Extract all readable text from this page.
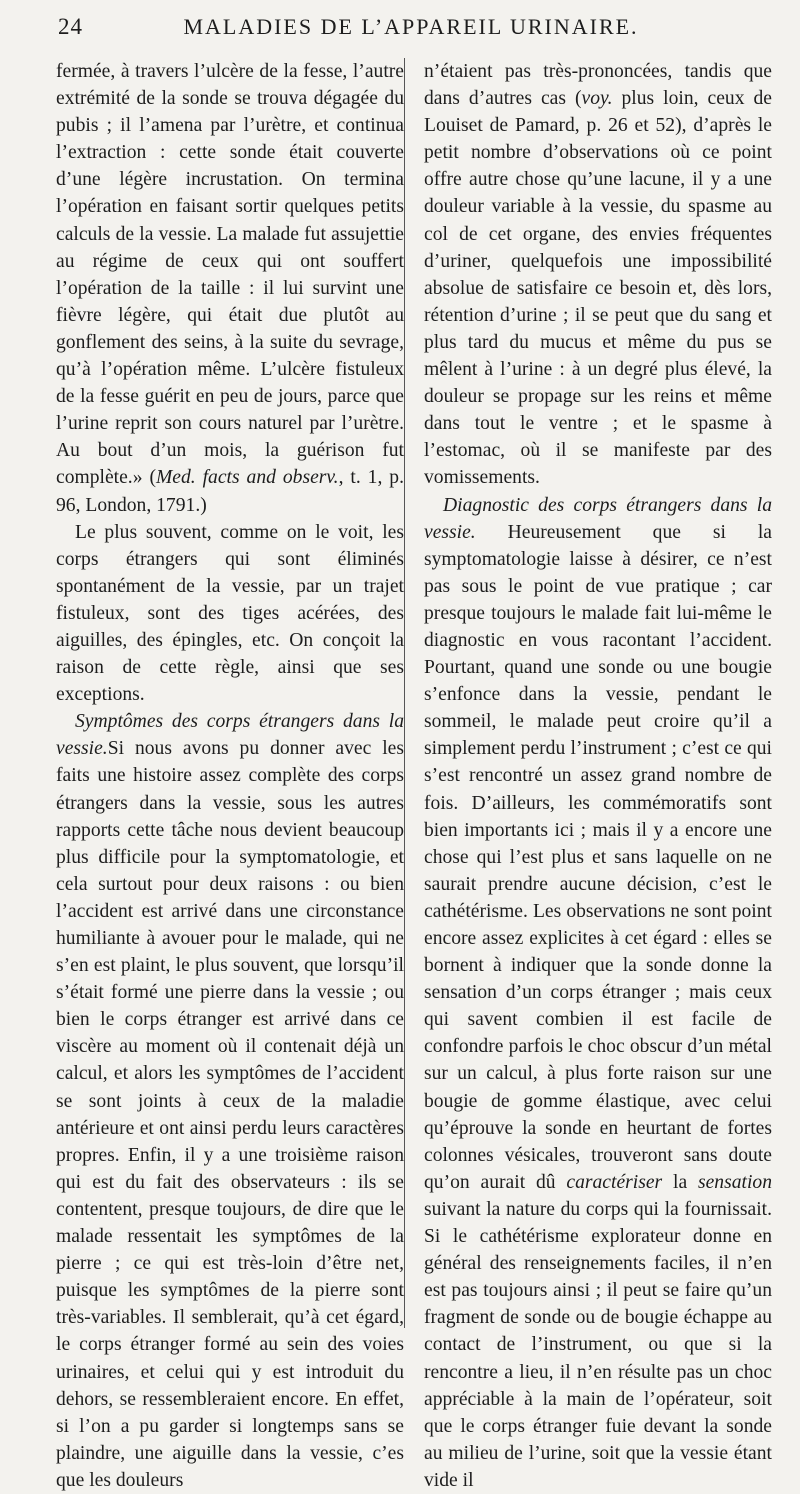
24	MALADIES DE L’APPAREIL URINAIRE.

fermée, à travers l’ulcère de la fesse, l’autre extrémité de la sonde se trouva dégagée du pubis ; il l’amena par l’urètre, et continua l’extraction : cette sonde était couverte d’une légère incrustation. On termina l’opération en faisant sortir quelques petits calculs de la vessie. La malade fut assujettie au régime de ceux qui ont souffert l’opération de la taille : il lui survint une fièvre légère, qui était due plutôt au gonflement des seins, à la suite du sevrage, qu’à l’opération même. L’ulcère fistuleux de la fesse guérit en peu de jours, parce que l’urine reprit son cours naturel par l’urètre. Au bout d’un mois, la guérison fut complète.» (Med. facts and observ., t. 1, p. 96, London, 1791.)

Le plus souvent, comme on le voit, les corps étrangers qui sont éliminés spontanément de la vessie, par un trajet fistuleux, sont des tiges acérées, des aiguilles, des épingles, etc. On conçoit la raison de cette règle, ainsi que ses exceptions.

Symptômes des corps étrangers dans la vessie.Si nous avons pu donner avec les faits une histoire assez complète des corps étrangers dans la vessie, sous les autres rapports cette tâche nous devient beaucoup plus difficile pour la symptomatologie, et cela surtout pour deux raisons : ou bien l’accident est arrivé dans une circonstance humiliante à avouer pour le malade, qui ne s’en est plaint, le plus souvent, que lorsqu’il s’était formé une pierre dans la vessie ; ou bien le corps étranger est arrivé dans ce viscère au moment où il contenait déjà un calcul, et alors les symptômes de l’accident se sont joints à ceux de la maladie antérieure et ont ainsi perdu leurs caractères propres. Enfin, il y a une troisième raison qui est du fait des observateurs : ils se contentent, presque toujours, de dire que le malade ressentait les symptômes de la pierre ; ce qui est très-loin d’être net, puisque les symptômes de la pierre sont très-variables. Il semblerait, qu’à cet égard, le corps étranger formé au sein des voies urinaires, et celui qui y est introduit du dehors, se ressembleraient encore. En effet, si l’on a pu garder si longtemps sans se plaindre, une aiguille dans la vessie, c’es que les douleurs

n’étaient pas très-prononcées, tandis que dans d’autres cas (voy. plus loin, ceux de Louiset de Pamard, p. 26 et 52), d’après le petit nombre d’observations où ce point offre autre chose qu’une lacune, il y a une douleur variable à la vessie, du spasme au col de cet organe, des envies fréquentes d’uriner, quelquefois une impossibilité absolue de satisfaire ce besoin et, dès lors, rétention d’urine ; il se peut que du sang et plus tard du mucus et même du pus se mêlent à l’urine : à un degré plus élevé, la douleur se propage sur les reins et même dans tout le ventre ; et le spasme à l’estomac, où il se manifeste par des vomissements.

Diagnostic des corps étrangers dans la vessie. Heureusement que si la symptomatologie laisse à désirer, ce n’est pas sous le point de vue pratique ; car presque toujours le malade fait lui-même le diagnostic en vous racontant l’accident. Pourtant, quand une sonde ou une bougie s’enfonce dans la vessie, pendant le sommeil, le malade peut croire qu’il a simplement perdu l’instrument ; c’est ce qui s’est rencontré un assez grand nombre de fois. D’ailleurs, les commémoratifs sont bien importants ici ; mais il y a encore une chose qui l’est plus et sans laquelle on ne saurait prendre aucune décision, c’est le cathétérisme. Les observations ne sont point encore assez explicites à cet égard : elles se bornent à indiquer que la sonde donne la sensation d’un corps étranger ; mais ceux qui savent combien il est facile de confondre parfois le choc obscur d’un métal sur un calcul, à plus forte raison sur une bougie de gomme élastique, avec celui qu’éprouve la sonde en heurtant de fortes colonnes vésicales, trouveront sans doute qu’on aurait dû caractériser la sensation suivant la nature du corps qui la fournissait. Si le cathétérisme explorateur donne en général des renseignements faciles, il n’en est pas toujours ainsi ; il peut se faire qu’un fragment de sonde ou de bougie échappe au contact de l’instrument, ou que si la rencontre a lieu, il n’en résulte pas un choc appréciable à la main de l’opérateur, soit que le corps étranger fuie devant la sonde au milieu de l’urine, soit que la vessie étant vide il
